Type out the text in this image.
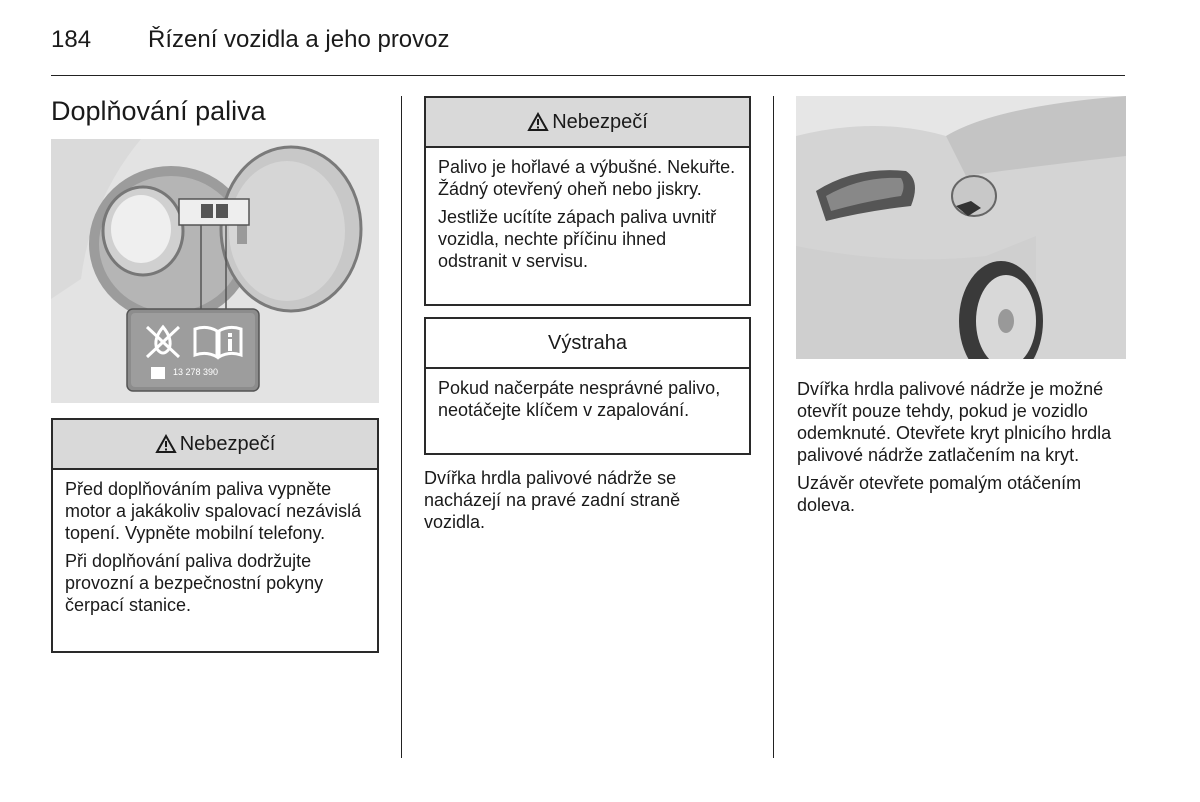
184 Řízení vozidla a jeho provoz
Doplňování paliva
13 278 390
Nebezpečí

Před doplňováním paliva vypněte motor a jakákoliv spalovací nezávislá topení. Vypněte mobilní telefony.

Při doplňování paliva dodržujte provozní a bezpečnostní pokyny čerpací stanice.

Nebezpečí

Palivo je hořlavé a výbušné. Nekuřte. Žádný otevřený oheň nebo jiskry.

Jestliže ucítíte zápach paliva uvnitř vozidla, nechte příčinu ihned odstranit v servisu.

Výstraha

Pokud načerpáte nesprávné palivo, neotáčejte klíčem v zapalování.

Dvířka hrdla palivové nádrže se nacházejí na pravé zadní straně vozidla.

Dvířka hrdla palivové nádrže je možné otevřít pouze tehdy, pokud je vozidlo odemknuté. Otevřete kryt plnicího hrdla palivové nádrže zatlačením na kryt.

Uzávěr otevřete pomalým otáčením doleva.
